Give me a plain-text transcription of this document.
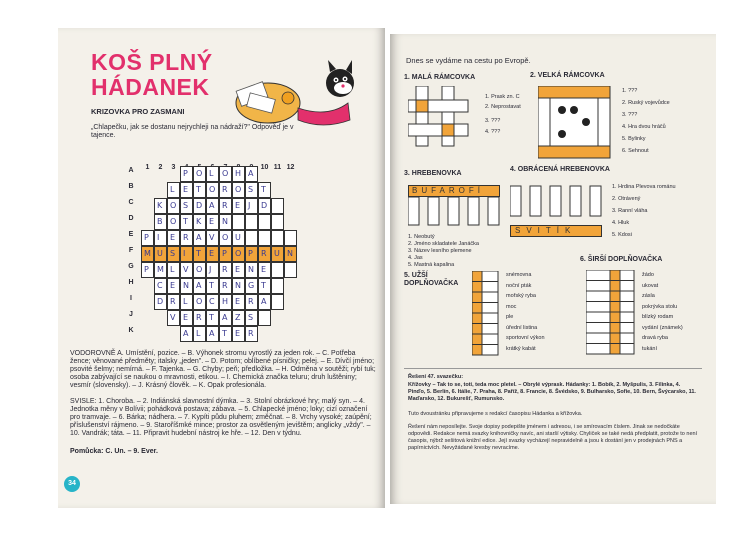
KOŠ PLNÝ
HÁDANEK
KRIZOVKA PRO ZASMANI
„Chlapečku, jak se dostanu nejrychleji na nádraží?" Odpověď je v tajence.
1 2 3	10 11 12
A
B
C
D
E
F
G
H
I
J
K
P O L O H A
L E T O R O S T
K O S D A R E J D
B O T K E N
P I E R A V O U
M U S I T E P O P R U N
P M L V O J R E N E
C E N A T R N G T
D R L O C H E R A
V E R T A Z S
A L A T E R
VODOROVNĚ A. Umístění, pozice. – B. Výhonek stromu vyrostlý za jeden rok. – C. Potřeba žence; věnované předměty; italsky „jeden". – D. Potom; oblíbené písničky; pelej. – E. Dívčí jméno; psovité šelmy; nemírná. – F. Tajenka. – G. Chyby; peň; předložka. – H. Odměna v soutěži; rybí tuk; osoba zabývající se naukou o mravnosti, etikou. – I. Chemická značka teluru; druh luštěniny; vesmír (slovensky). – J. Krásný člověk. – K. Opak profesionála.
SVISLE: 1. Choroba. – 2. Indiánská slavnostní dýmka. – 3. Stolní obrázkové hry; malý syn. – 4. Jednotka měny v Bolívii; pohádková postava; zábava. – 5. Chlapecké jméno; loky; cizí označení pro tramvaje. – 6. Bárka; nádhera. – 7. Kypíti půdu pluhem; změčnat. – 8. Vrchy vysoké; zaúpění; příslušenství rájmeno. – 9. Staroříšmké mince; prostor za osvětleným jevištěm; anglicky „vždy". – 10. Vandrák; táta. – 11. Připravit hudební nástroj ke hře. – 12. Den v týdnu.
Pomůcka: C. Un. – 9. Ever.
34
Dnes se vydáme na cestu po Evropě.
1. MALÁ RÁMCOVKA
1. Prask zn. C
2. Neprostavat
3. ???
4. ???
2. VELKÁ RÁMCOVKA
1. ???
2. Ruský vojevůdce
3. ???
4. Hra dvou hráčů
5. Bylinky
6. Sehnout
3. HREBENOVKA
BUFAROFÍ
1. Neobutý
2. Jméno skladatele Janáčka
3. Název lesního plemene
4. Jas
5. Mastná kapalina
4. OBRÁCENÁ HREBENOVKA
SVITÍK
1. Hrdina Plevova románu
2. Otrávený
3. Ranní vláha
4. Hluk
5. Kdosi
5. UŽŠÍ DOPLŇOVAČKA
snémovna
noční pták
mořský ryba
moc
ple
úřední listina
sportovní výkon
krátký kabát
6. ŠIRŠÍ DOPLŇOVAČKA
žádo
ukovat
zásla
pokrývka stolu
blízký rodam
vydání (známek)
dravá ryba
tukání
Řešení 47. svazečku:
Křížovky – Tak to se, toti, teda moc pletel. – Obrylé výprask. Hádanky: 1. Bobík, 2. Myšpulis, 3. Filinka, 4. Pinďo, 5. Berlín, 6. Itálie, 7. Praha, 8. Paříž, 8. Francie, 8. Švédsko, 9. Bulharsko, Sofie, 10. Bern, Švýcarsko, 11. Maďarsko, 12. Bukurešť, Rumunsko.
Tuto dvoustránku připravujeme s redakcí časopisu Hádanka a křížovka.
Řešení nám neposílejte. Svoje dopisy podepište jménem i adresou, i se smírovacím číslem. Jinak se nedočkáte odpovědi. Redakce nemá svazky knihovničky navíc, ani starší výtisky. Chyliček se také nedá předplatit, protože to není časopis, nýbrž sešitová knižní edice. Její svazky vycházejí nepravidelně a jsou k dostání jen v prodejnách PNS a papírnictvích. Nevyžádané kresby nevracíme.
